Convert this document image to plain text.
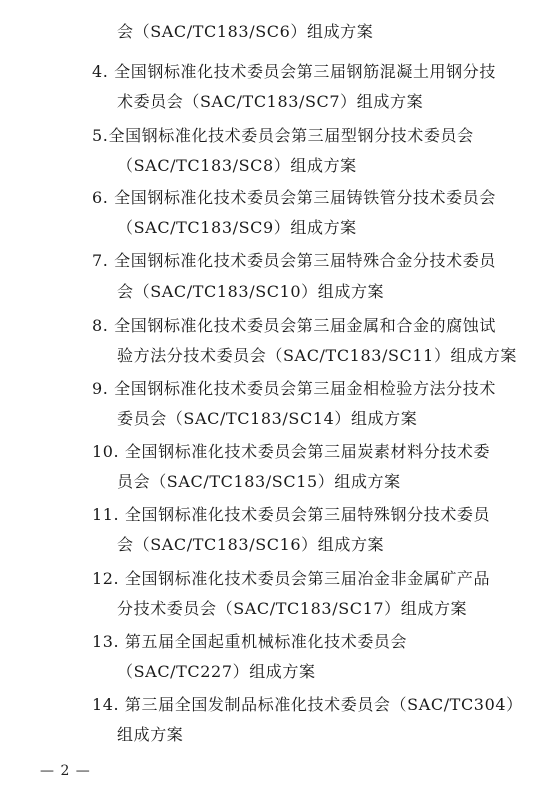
会（SAC/TC183/SC6）组成方案
4. 全国钢标准化技术委员会第三届钢筋混凝土用钢分技
术委员会（SAC/TC183/SC7）组成方案
5.全国钢标准化技术委员会第三届型钢分技术委员会
（SAC/TC183/SC8）组成方案
6. 全国钢标准化技术委员会第三届铸铁管分技术委员会
（SAC/TC183/SC9）组成方案
7. 全国钢标准化技术委员会第三届特殊合金分技术委员
会（SAC/TC183/SC10）组成方案
8. 全国钢标准化技术委员会第三届金属和合金的腐蚀试
验方法分技术委员会（SAC/TC183/SC11）组成方案
9. 全国钢标准化技术委员会第三届金相检验方法分技术
委员会（SAC/TC183/SC14）组成方案
10. 全国钢标准化技术委员会第三届炭素材料分技术委
员会（SAC/TC183/SC15）组成方案
11. 全国钢标准化技术委员会第三届特殊钢分技术委员
会（SAC/TC183/SC16）组成方案
12. 全国钢标准化技术委员会第三届冶金非金属矿产品
分技术委员会（SAC/TC183/SC17）组成方案
13. 第五届全国起重机械标准化技术委员会
（SAC/TC227）组成方案
14. 第三届全国发制品标准化技术委员会（SAC/TC304）
组成方案
— 2 —
